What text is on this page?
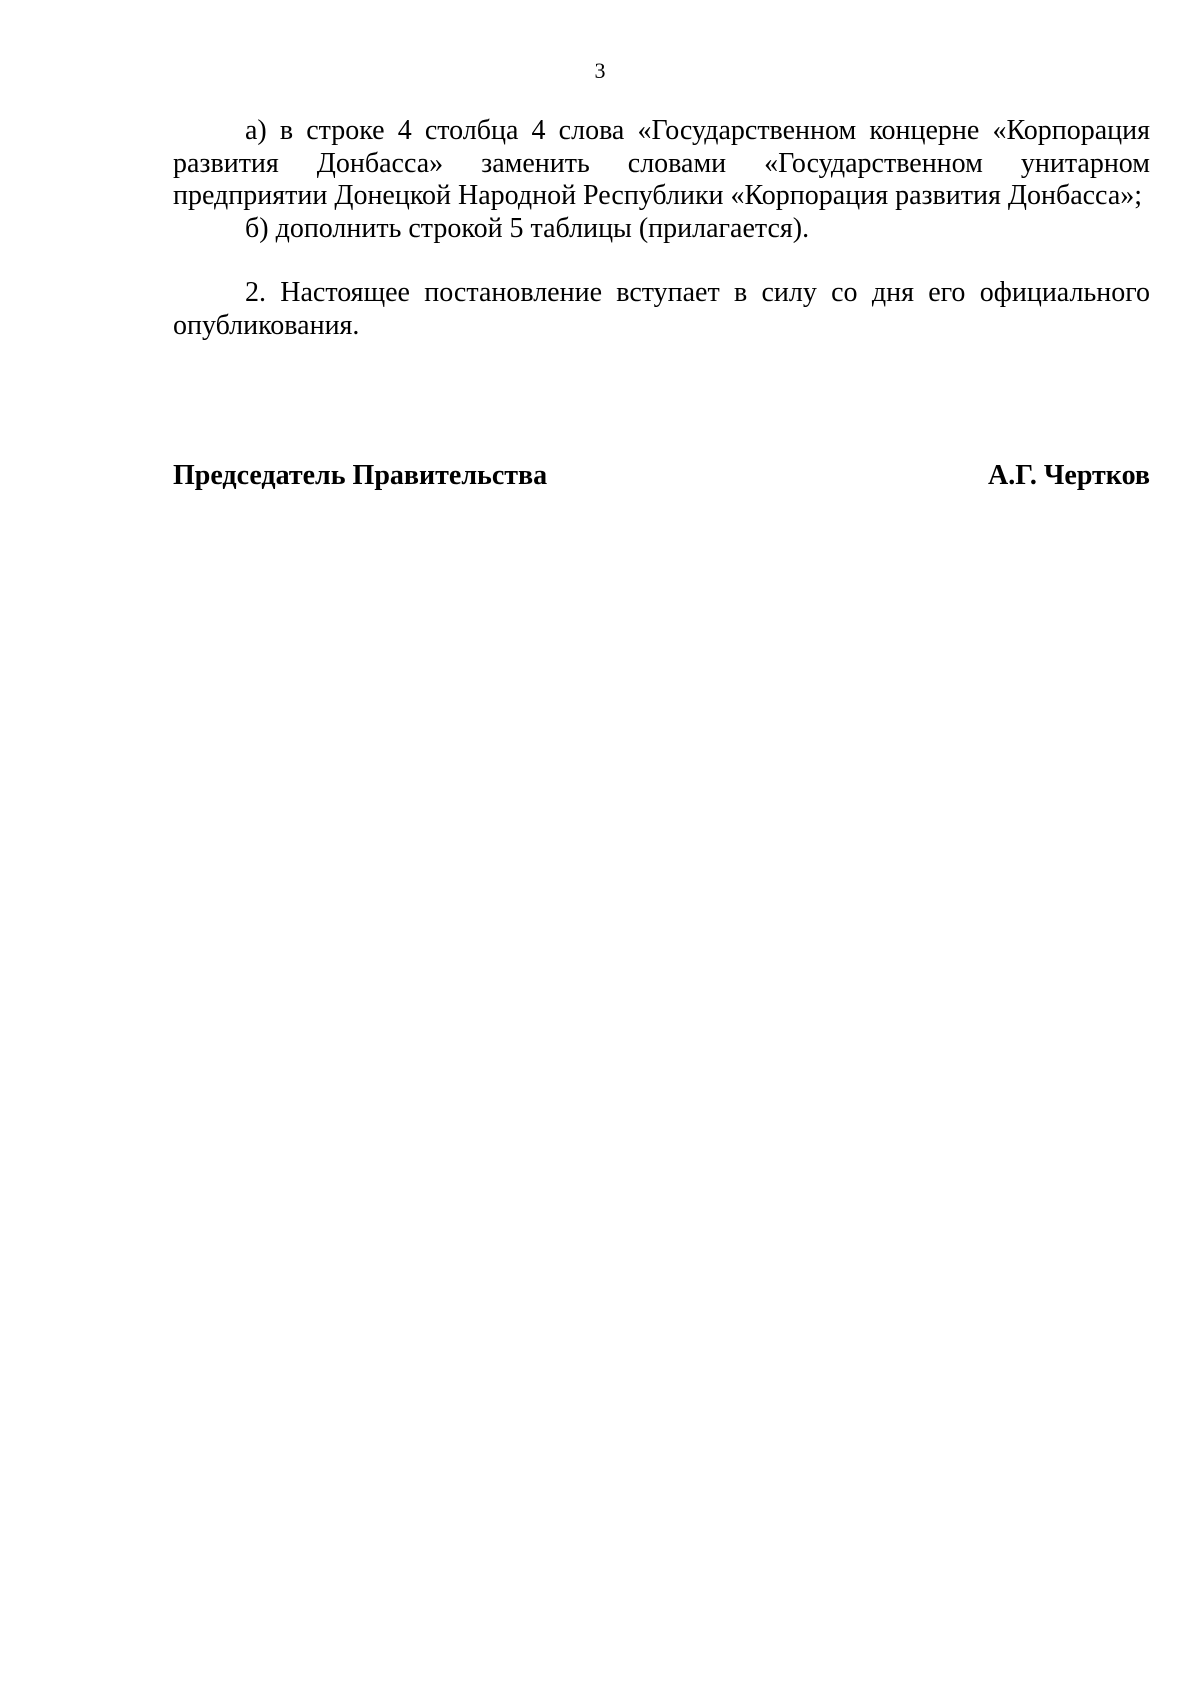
3

а) в строке 4 столбца 4 слова «Государственном концерне «Корпорация развития Донбасса» заменить словами «Государственном унитарном предприятии Донецкой Народной Республики «Корпорация развития Донбасса»;

б) дополнить строкой 5 таблицы (прилагается).

2. Настоящее постановление вступает в силу со дня его официального опубликования.

Председатель Правительства	А.Г. Чертков
